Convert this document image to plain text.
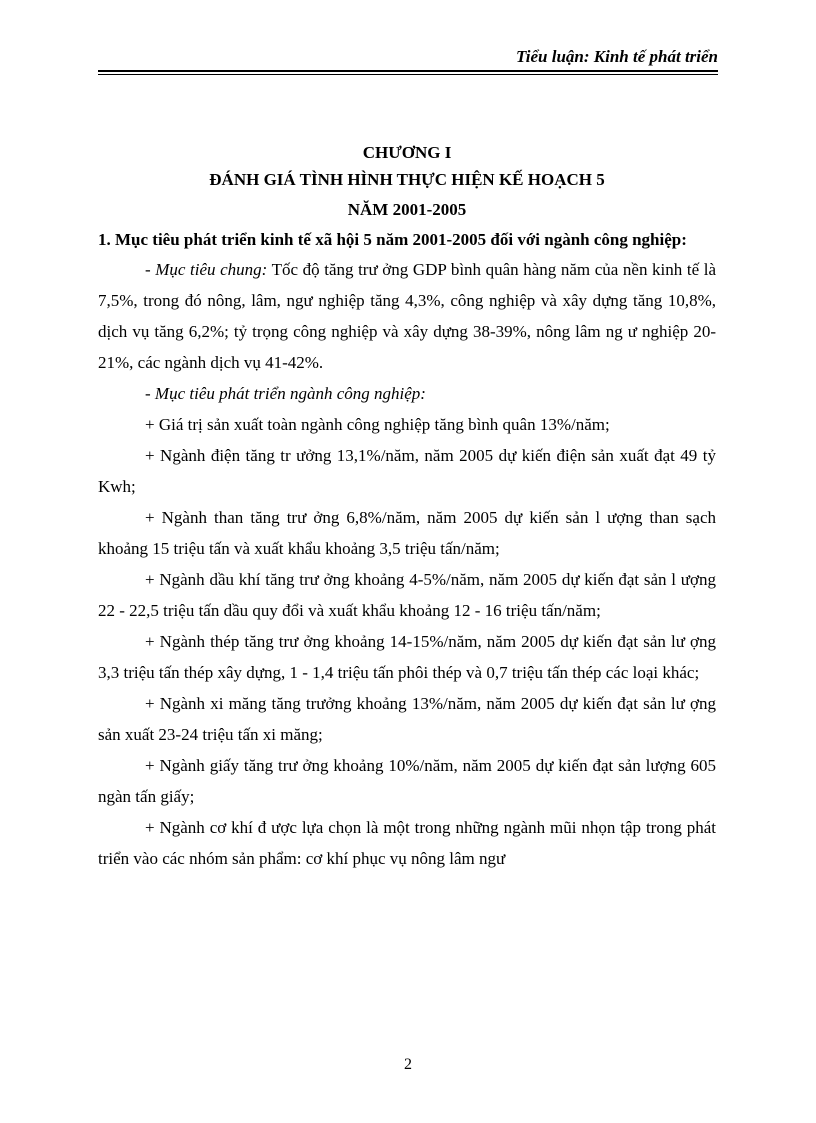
Tiểu luận: Kinh tế phát triển

CHƯƠNG I

ĐÁNH GIÁ TÌNH HÌNH THỰC HIỆN KẾ HOẠCH 5

NĂM 2001-2005

1. Mục tiêu phát triển kinh tế xã hội 5 năm 2001-2005 đối với ngành công nghiệp:

- Mục tiêu chung: Tốc độ tăng trư ởng GDP bình quân hàng năm của nền kinh tế là 7,5%, trong đó nông, lâm, ngư nghiệp tăng 4,3%, công nghiệp và xây dựng tăng 10,8%, dịch vụ tăng 6,2%; tỷ trọng công nghiệp và xây dựng 38-39%, nông lâm ng ư nghiệp 20-21%, các ngành dịch vụ 41-42%.

- Mục tiêu phát triển ngành công nghiệp:

+ Giá trị sản xuất toàn ngành công nghiệp tăng bình quân 13%/năm;

+ Ngành điện tăng tr ưởng 13,1%/năm, năm 2005 dự kiến điện sản xuất đạt 49 tỷ Kwh;

+ Ngành than tăng trư ởng 6,8%/năm, năm 2005 dự kiến sản l ượng than sạch khoảng 15 triệu tấn và xuất khẩu khoảng 3,5 triệu tấn/năm;

+ Ngành dầu khí tăng trư ởng khoảng 4-5%/năm, năm 2005 dự kiến đạt sản l ượng 22 - 22,5 triệu tấn dầu quy đổi và xuất khẩu khoảng 12 - 16 triệu tấn/năm;

+ Ngành thép tăng trư ởng khoảng 14-15%/năm, năm 2005 dự kiến đạt sản lư ợng 3,3 triệu tấn thép xây dựng, 1 - 1,4 triệu tấn phôi thép và 0,7 triệu tấn thép các loại khác;

+ Ngành xi măng tăng trưởng khoảng 13%/năm, năm 2005 dự kiến đạt sản lư ợng sản xuất 23-24 triệu tấn xi măng;

+ Ngành giấy tăng trư ởng khoảng 10%/năm, năm 2005 dự kiến đạt sản lượng 605 ngàn tấn giấy;

+ Ngành cơ khí đ ược lựa chọn là một trong những ngành mũi nhọn tập trong phát triển vào các nhóm sản phẩm: cơ khí phục vụ nông lâm ngư

2
